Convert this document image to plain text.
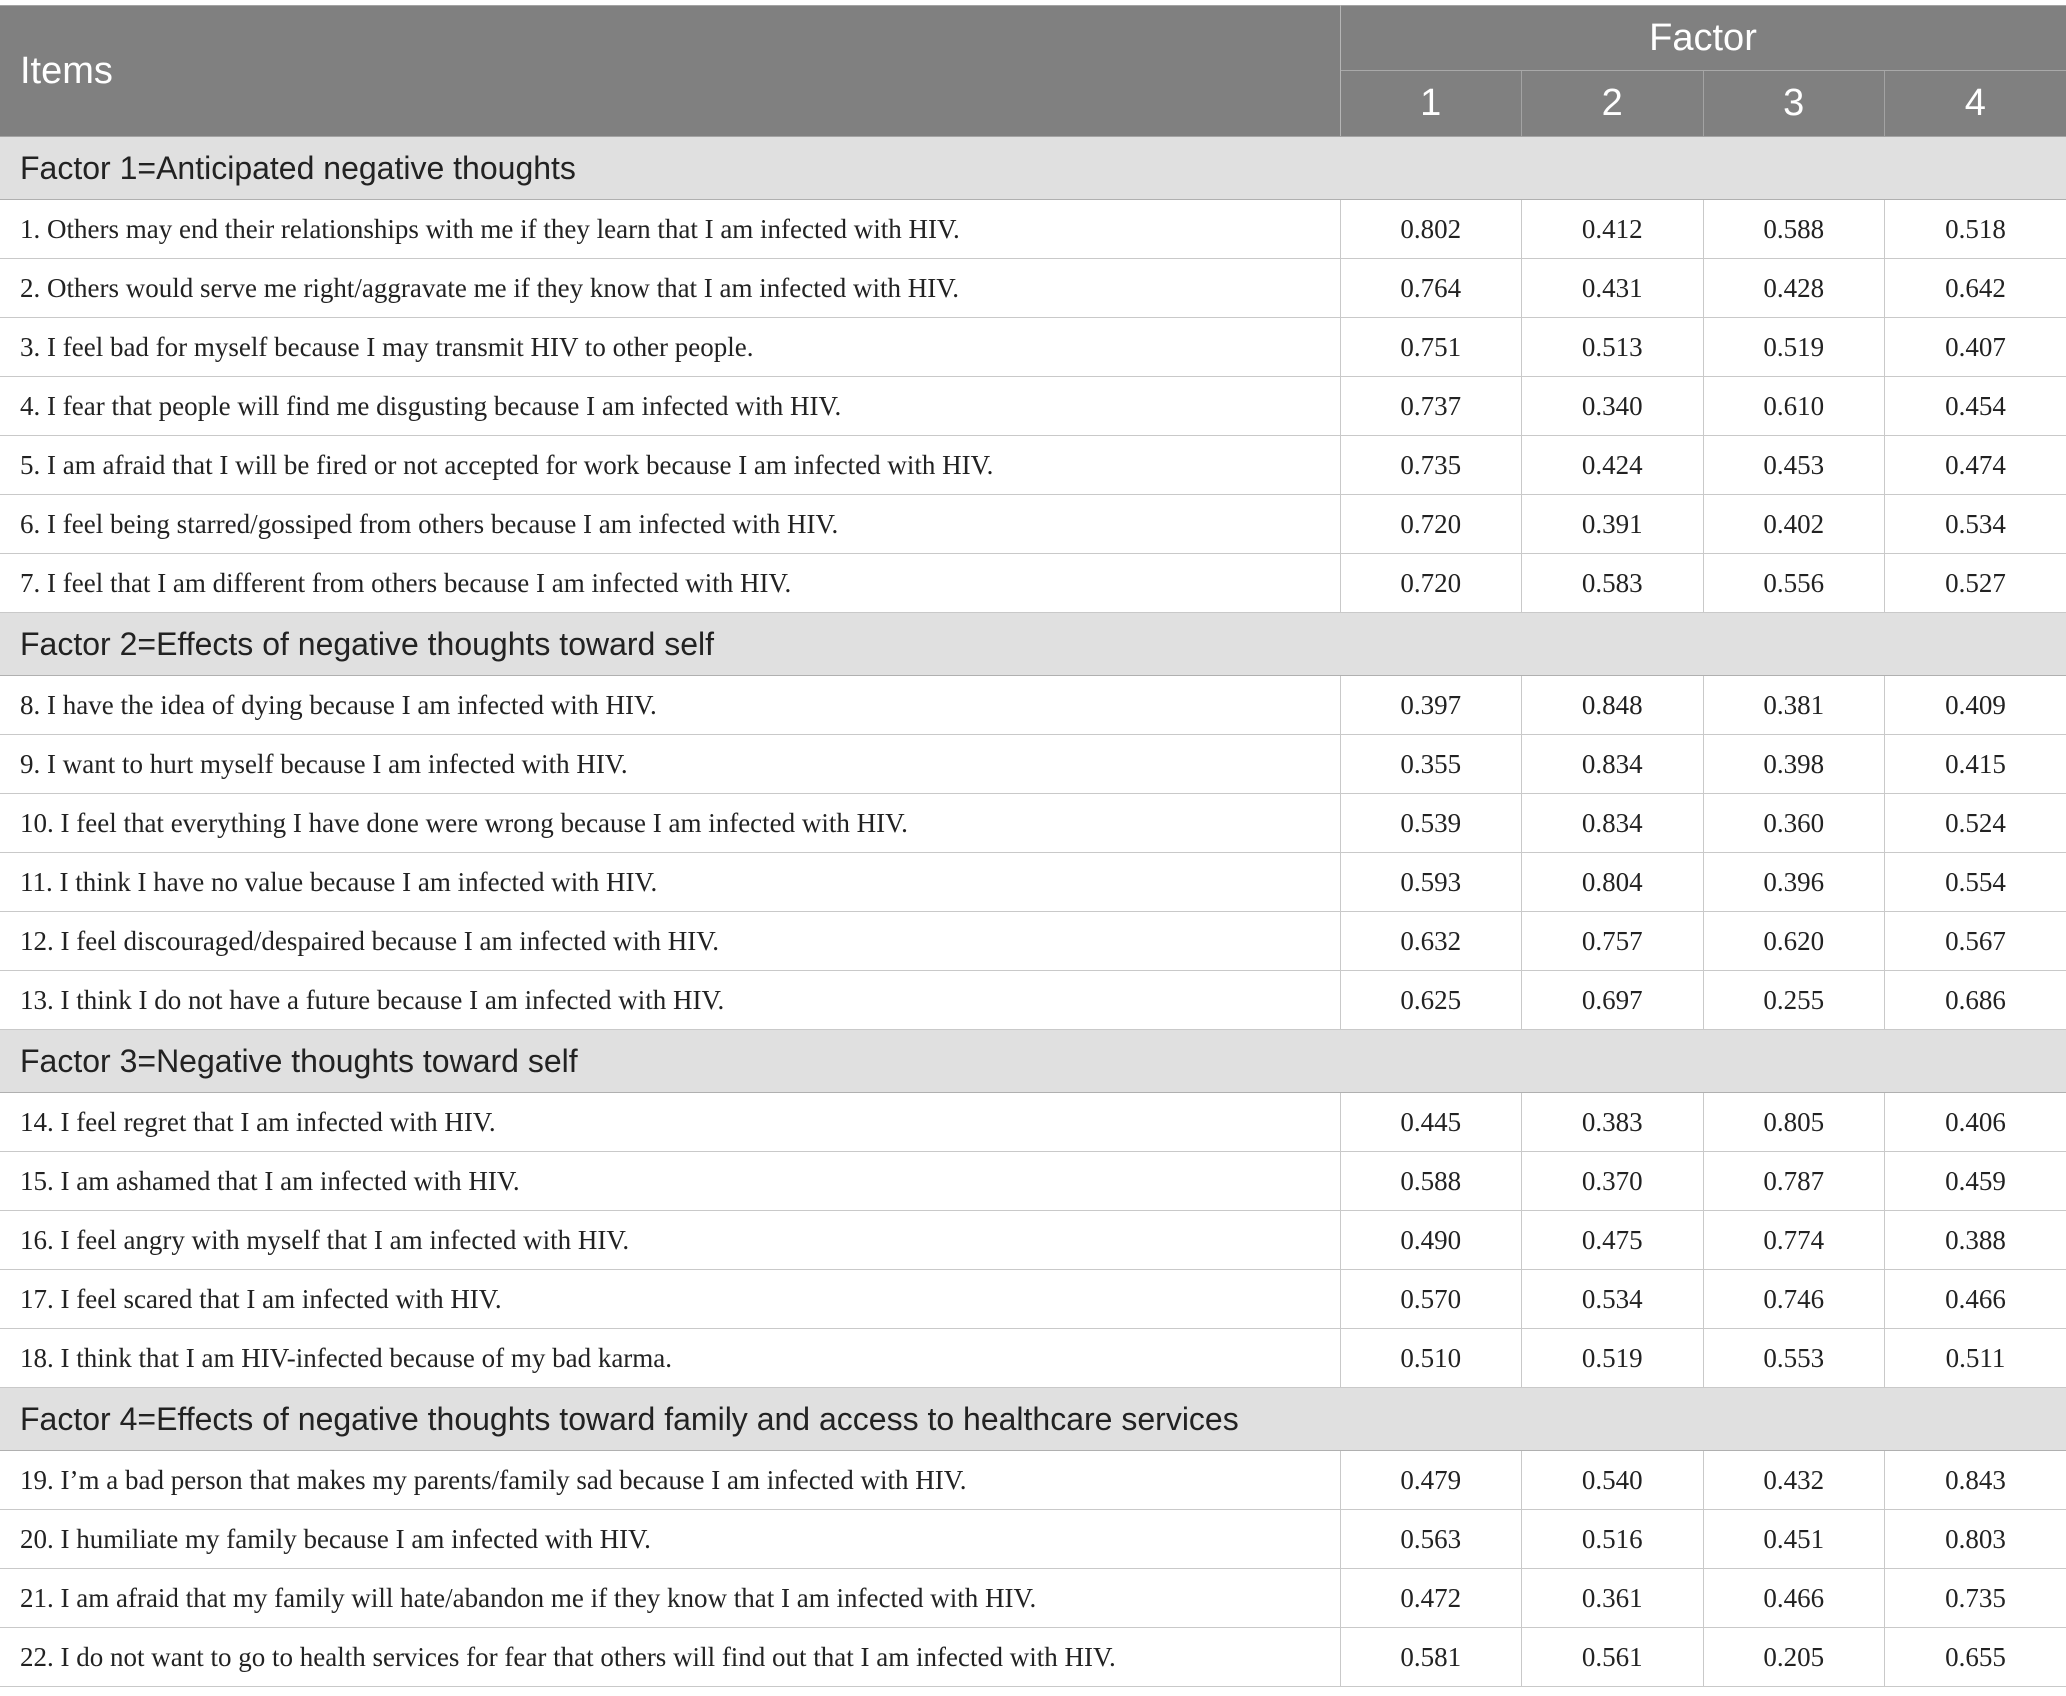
Items	Factor			
	1	2	3	4
Factor 1=Anticipated negative thoughts				
1. Others may end their relationships with me if they learn that I am infected with HIV.	0.802	0.412	0.588	0.518
2. Others would serve me right/aggravate me if they know that I am infected with HIV.	0.764	0.431	0.428	0.642
3. I feel bad for myself because I may transmit HIV to other people.	0.751	0.513	0.519	0.407
4. I fear that people will find me disgusting because I am infected with HIV.	0.737	0.340	0.610	0.454
5. I am afraid that I will be fired or not accepted for work because I am infected with HIV.	0.735	0.424	0.453	0.474
6. I feel being starred/gossiped from others because I am infected with HIV.	0.720	0.391	0.402	0.534
7. I feel that I am different from others because I am infected with HIV.	0.720	0.583	0.556	0.527
Factor 2=Effects of negative thoughts toward self				
8. I have the idea of dying because I am infected with HIV.	0.397	0.848	0.381	0.409
9. I want to hurt myself because I am infected with HIV.	0.355	0.834	0.398	0.415
10. I feel that everything I have done were wrong because I am infected with HIV.	0.539	0.834	0.360	0.524
11. I think I have no value because I am infected with HIV.	0.593	0.804	0.396	0.554
12. I feel discouraged/despaired because I am infected with HIV.	0.632	0.757	0.620	0.567
13. I think I do not have a future because I am infected with HIV.	0.625	0.697	0.255	0.686
Factor 3=Negative thoughts toward self				
14. I feel regret that I am infected with HIV.	0.445	0.383	0.805	0.406
15. I am ashamed that I am infected with HIV.	0.588	0.370	0.787	0.459
16. I feel angry with myself that I am infected with HIV.	0.490	0.475	0.774	0.388
17. I feel scared that I am infected with HIV.	0.570	0.534	0.746	0.466
18. I think that I am HIV-infected because of my bad karma.	0.510	0.519	0.553	0.511
Factor 4=Effects of negative thoughts toward family and access to healthcare services				
19. I’m a bad person that makes my parents/family sad because I am infected with HIV.	0.479	0.540	0.432	0.843
20. I humiliate my family because I am infected with HIV.	0.563	0.516	0.451	0.803
21. I am afraid that my family will hate/abandon me if they know that I am infected with HIV.	0.472	0.361	0.466	0.735
22. I do not want to go to health services for fear that others will find out that I am infected with HIV.	0.581	0.561	0.205	0.655
